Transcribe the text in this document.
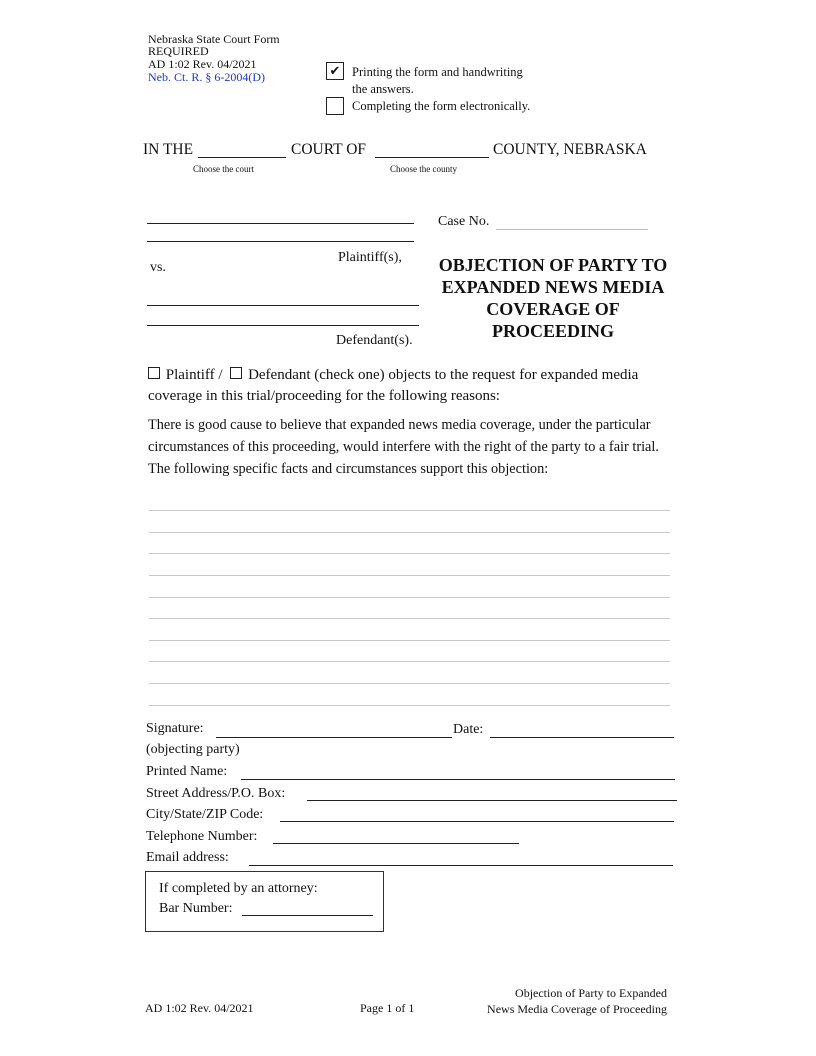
Nebraska State Court Form
REQUIRED
AD 1:02 Rev. 04/2021
Neb. Ct. R. § 6-2004(D)	✔ Printing the form and handwriting
the answers.
Completing the form electronically.
IN THE	COURT OF	COUNTY, NEBRASKA
Choose the court	Choose the county
Plaintiff(s),
vs.
Defendant(s).
Case No.
OBJECTION OF PARTY TO EXPANDED NEWS MEDIA COVERAGE OF PROCEEDING
Plaintiff / Defendant (check one) objects to the request for expanded media coverage in this trial/proceeding for the following reasons:
There is good cause to believe that expanded news media coverage, under the particular circumstances of this proceeding, would interfere with the right of the party to a fair trial. The following specific facts and circumstances support this objection:
Signature:	Date:
(objecting party)
Printed Name:
Street Address/P.O. Box:
City/State/ZIP Code:
Telephone Number:
Email address:
If completed by an attorney:
Bar Number:
AD 1:02 Rev. 04/2021	Page 1 of 1
Objection of Party to Expanded
News Media Coverage of Proceeding
